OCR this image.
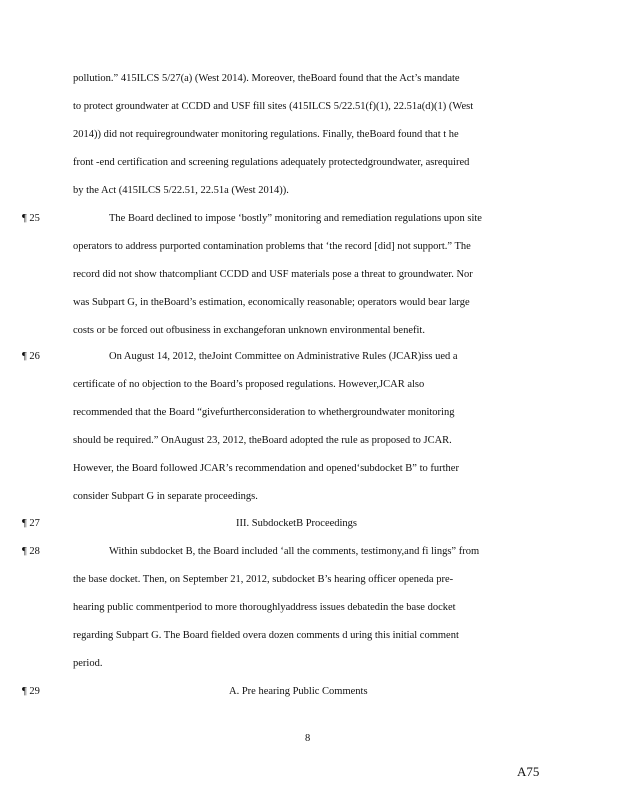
pollution.” 415ILCS 5/27(a) (West 2014). Moreover, theBoard found that the Act’s mandate
to protect groundwater at CCDD and USF fill sites (415ILCS 5/22.51(f)(1), 22.51a(d)(1) (West
2014)) did not requiregroundwater monitoring regulations. Finally, theBoard found that t he
front -end certification and screening regulations adequately protectedgroundwater, asrequired
by the Act (415ILCS 5/22.51, 22.51a (West 2014)).
¶ 25	The Board declined to impose ‘bostly” monitoring and remediation regulations upon site
operators to address purported contamination problems that ‘the record [did] not support.” The
record did not show thatcompliant CCDD and USF materials pose a threat to groundwater. Nor
was Subpart G, in theBoard’s estimation, economically reasonable; operators would bear large
costs or be forced out ofbusiness in exchangeforan unknown environmental benefit.
¶ 26	On August 14, 2012, theJoint Committee on Administrative Rules (JCAR)iss ued a
certificate of no objection to the Board’s proposed regulations. However,JCAR also
recommended that the Board “givefurtherconsideration to whethergroundwater monitoring
should be required.” OnAugust 23, 2012, theBoard adopted the rule as proposed to JCAR.
However, the Board followed JCAR’s recommendation and opened‘subdocket B” to further
consider Subpart G in separate proceedings.
¶ 27	III. SubdocketB Proceedings
¶ 28	Within subdocket B, the Board included ‘all the comments, testimony,and fi lings” from
the base docket. Then, on September 21, 2012, subdocket B’s hearing officer openeda pre-
hearing public commentperiod to more thoroughlyaddress issues debatedin the base docket
regarding Subpart G. The Board fielded overa dozen comments d uring this initial comment
period.
¶ 29	A. Pre hearing Public Comments
8
A75
